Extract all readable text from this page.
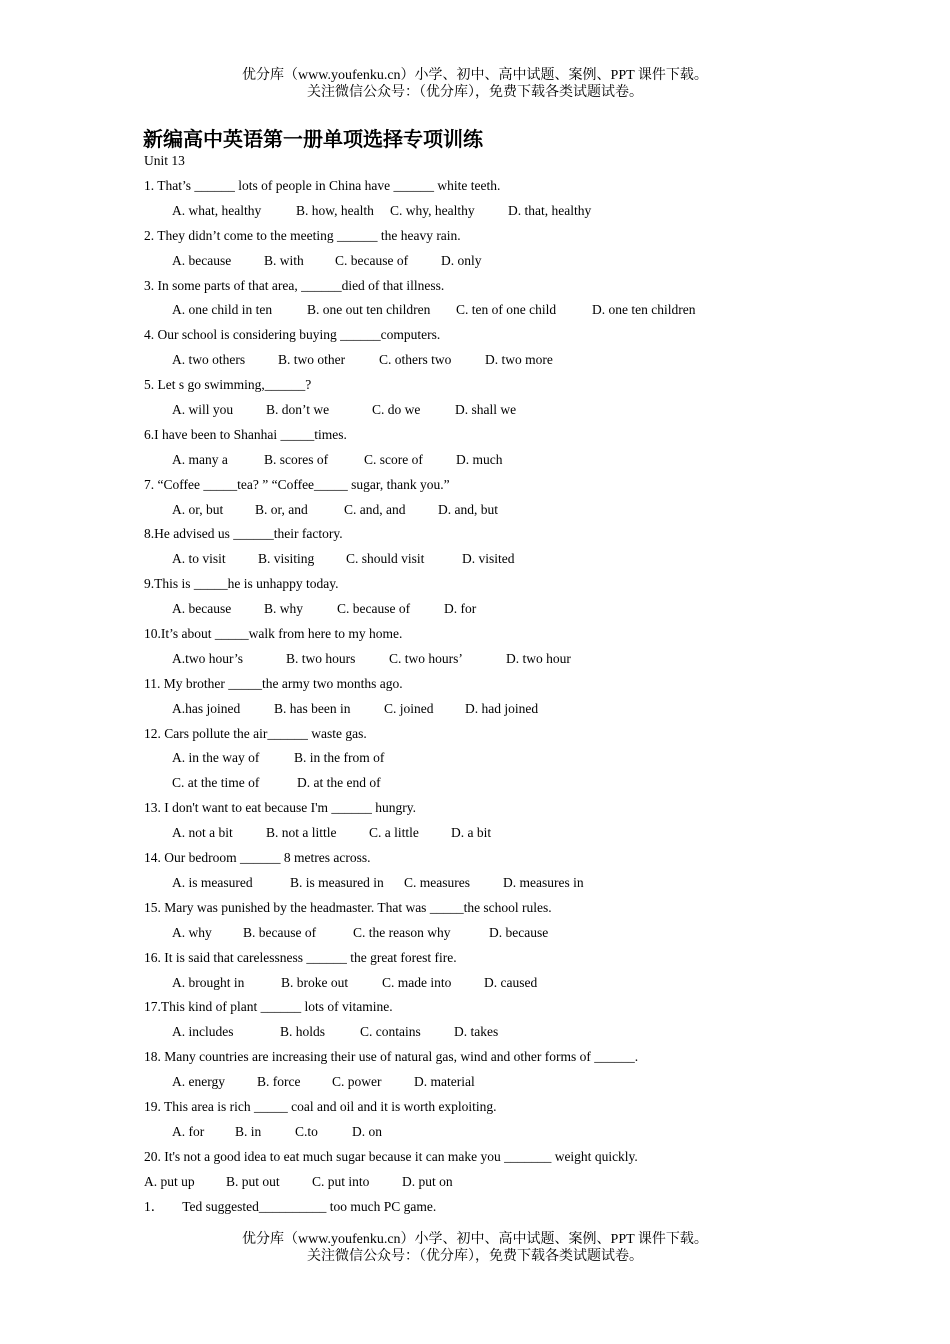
优分库（www.youfenku.cn）小学、初中、高中试题、案例、PPT 课件下载。
关注微信公众号：（优分库），免费下载各类试题试卷。
新编高中英语第一册单项选择专项训练
Unit 13
1. That’s ______ lots of people in China have ______ white teeth.
A. what, healthy	B. how, health C. why, healthy D. that, healthy
2. They didn’t come to the meeting ______ the heavy rain.
A. because B. with C. because of D. only
3. In some parts of that area, ______died of that illness.
A. one child in ten	B. one out ten children C. ten of one child	D. one ten children
4. Our school is considering buying ______computers.
A. two others B. two other	C. others two D. two more
5. Let s go swimming,______?
A. will you B. don’t we	C. do we	D. shall we
6.I have been to Shanhai _____times.
A. many a	B. scores of	C. score of D. much
7. “Coffee _____tea? ” “Coffee_____ sugar, thank you.”
A. or, but B. or, and	C. and, and D. and, but
8.He advised us ______their factory.
A. to visit B. visiting C. should visit	D. visited
9.This is _____he is unhappy today.
A. because B. why	C. because of	D. for
10.It’s about _____walk from here to my home.
A.two hour’s	B. two hours C. two hours’	D. two hour
11. My brother _____the army two months ago.
A.has joined	B. has been in C. joined D. had joined
12. Cars pollute the air______ waste gas.
A. in the way of	B. in the from of
C. at the time of	D. at the end of
13. I don't want to eat because I'm ______ hungry.
A. not a bit B. not a little C. a little D. a bit
14. Our bedroom ______ 8 metres across.
A. is measured	B. is measured in C. measures D. measures in
15. Mary was punished by the headmaster. That was _____the school rules.
A. why B. because of	C. the reason why	D. because
16. It is said that carelessness ______ the great forest fire.
A. brought in	B. broke out	C. made into D. caused
17.This kind of plant ______ lots of vitamine.
A. includes	B. holds	C. contains D. takes
18. Many countries are increasing their use of natural gas, wind and other forms of ______.
A. energy B. force C. power D. material
19. This area is rich _____ coal and oil and it is worth exploiting.
A. for B. in C.to	D. on
20. It's not a good idea to eat much sugar because it can make you _______ weight quickly.
A. put up B. put out C. put into D. put on
1． Ted suggested__________ too much PC game.
优分库（www.youfenku.cn）小学、初中、高中试题、案例、PPT 课件下载。
关注微信公众号：（优分库），免费下载各类试题试卷。
